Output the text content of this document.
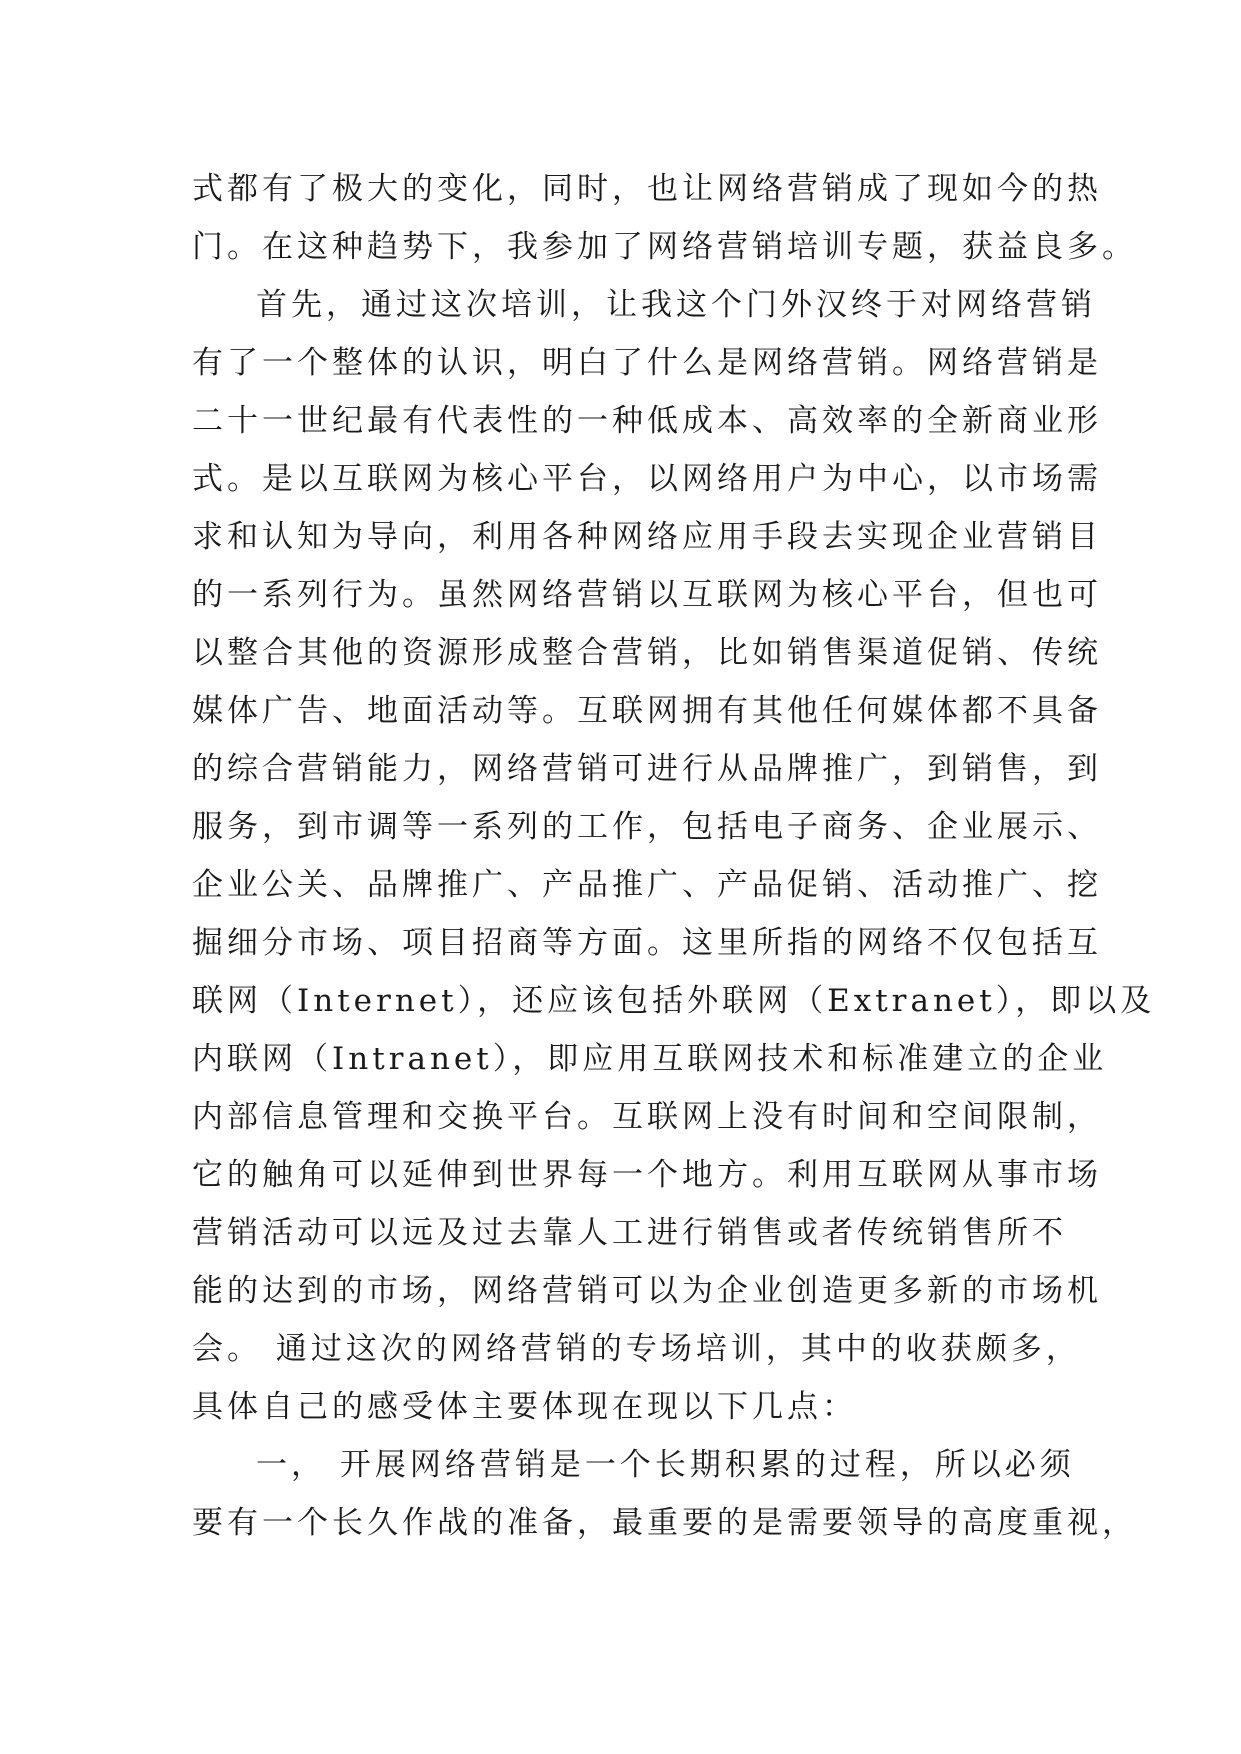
式都有了极大的变化，同时，也让网络营销成了现如今的热
门。在这种趋势下，我参加了网络营销培训专题，获益良多。
首先，通过这次培训，让我这个门外汉终于对网络营销
有了一个整体的认识，明白了什么是网络营销。网络营销是
二十一世纪最有代表性的一种低成本、高效率的全新商业形
式。是以互联网为核心平台，以网络用户为中心，以市场需
求和认知为导向，利用各种网络应用手段去实现企业营销目
的一系列行为。虽然网络营销以互联网为核心平台，但也可
以整合其他的资源形成整合营销，比如销售渠道促销、传统
媒体广告、地面活动等。互联网拥有其他任何媒体都不具备
的综合营销能力，网络营销可进行从品牌推广，到销售，到
服务，到市调等一系列的工作，包括电子商务、企业展示、
企业公关、品牌推广、产品推广、产品促销、活动推广、挖
掘细分市场、项目招商等方面。这里所指的网络不仅包括互
联网（Internet），还应该包括外联网（Extranet），即以及
内联网（Intranet），即应用互联网技术和标准建立的企业
内部信息管理和交换平台。互联网上没有时间和空间限制，
它的触角可以延伸到世界每一个地方。利用互联网从事市场
营销活动可以远及过去靠人工进行销售或者传统销售所不
能的达到的市场，网络营销可以为企业创造更多新的市场机
会。 通过这次的网络营销的专场培训，其中的收获颇多，
具体自己的感受体主要体现在现以下几点：
一， 开展网络营销是一个长期积累的过程，所以必须
要有一个长久作战的准备，最重要的是需要领导的高度重视，
